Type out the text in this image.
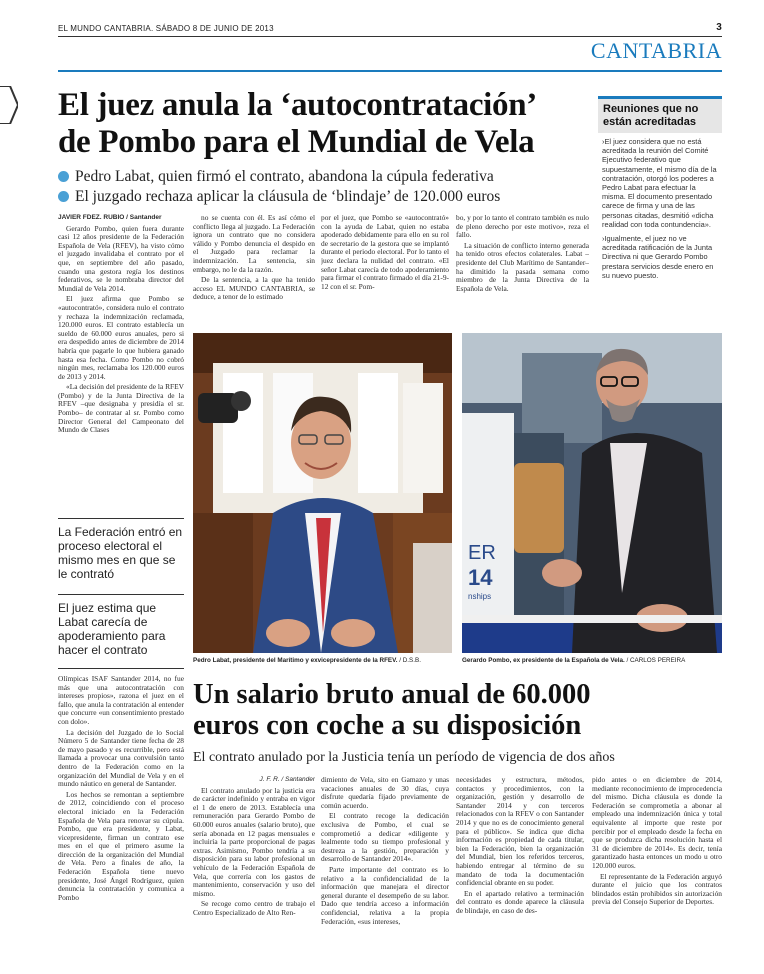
EL MUNDO CANTABRIA. SÁBADO 8 DE JUNIO DE 2013	3
CANTABRIA
El juez anula la ‘autocontratación’
de Pombo para el Mundial de Vela
Pedro Labat, quien firmó el contrato, abandona la cúpula federativa
El juzgado rechaza aplicar la cláusula de ‘blindaje’ de 120.000 euros

JAVIER FDEZ. RUBIO / Santander

Gerardo Pombo, quien fuera durante casi 12 años presidente de la Federación Española de Vela (RFEV), ha visto cómo el juzgado invalidaba el contrato por el que, en septiembre del año pasado, cuando una gestora regía los destinos federativos, se le nombraba director del Mundial de Vela 2014.

El juez afirma que Pombo se «autocontrató», considera nulo el contrato y rechaza la indemnización reclamada, 120.000 euros. El contrato establecía un sueldo de 60.000 euros anuales, pero si era despedido antes de diciembre de 2014 habría que pagarle lo que hubiera ganado hasta esa fecha. Como Pombo no cobró ningún mes, reclamaba los 120.000 euros de 2013 y 2014.

«La decisión del presidente de la RFEV (Pombo) y de la Junta Directiva de la RFEV –que designaba y presidía el sr. Pombo– de contratar al sr. Pombo como Director General del Campeonato del Mundo de Clases

no se cuenta con él. Es así cómo el conflicto llega al juzgado. La Federación ignora un contrato que no considera válido y Pombo denuncia el despido en el Juzgado para reclamar la indemnización. La sentencia, sin embargo, no le da la razón.

De la sentencia, a la que ha tenido acceso EL MUNDO CANTABRIA, se deduce, a tenor de lo estimado

por el juez, que Pombo se «autocontrató» con la ayuda de Labat, quien no estaba apoderado debidamente para ello en su rol de secretario de la gestora que se implantó durante el periodo electoral. Por lo tanto el juez declara la nulidad del contrato. «El señor Labat carecía de todo apoderamiento para firmar el contrato firmado el día 21-9-12 con el sr. Pom-

bo, y por lo tanto el contrato también es nulo de pleno derecho por este motivo», reza el fallo.

La situación de conflicto interno generada ha tenido otros efectos colaterales. Labat –presidente del Club Marítimo de Santander– ha dimitido la pasada semana como miembro de la Junta Directiva de la Española de Vela.

Reuniones que no están acreditadas

›El juez considera que no está acreditada la reunión del Comité Ejecutivo federativo que supuestamente, el mismo día de la contratación, otorgó los poderes a Pedro Labat para efectuar la misma. El documento presentado carece de firma y una de las personas citadas, desmitió «dicha realidad con toda contundencia».

›Igualmente, el juez no ve acreditada ratificación de la Junta Directiva ni que Gerardo Pombo prestara servicios desde enero en su nuevo puesto.

La Federación entró en proceso electoral el mismo mes en que se le contrató
El juez estima que Labat carecía de apoderamiento para hacer el contrato

Olímpicas ISAF Santander 2014, no fue más que una autocontratación con intereses propios», razona el juez en el fallo, que anula la contratación al entender que concurre «un consentimiento prestado con dolo».

La decisión del Juzgado de lo Social Número 5 de Santander tiene fecha de 28 de mayo pasado y es recurrible, pero está llamada a provocar una convulsión tanto dentro de la Federación como en la organización del Mundial de Vela y en el mundo náutico en general de Santander.

Los hechos se remontan a septiembre de 2012, coincidiendo con el proceso electoral iniciado en la Federación Española de Vela para renovar su cúpula. Pombo, que era presidente, y Labat, vicepresidente, firman un contrato ese mes en el que el primero asume la dirección de la organización del Mundial de Vela. Pero a finales de año, la Federación Española tiene nuevo presidente, José Ángel Rodríguez, quien denuncia la contratación y comunica a Pombo

Pedro Labat, presidente del Marítimo y exvicepresidente de la RFEV. / D.S.B.
ER
14
nships
Gerardo Pombo, ex presidente de la Española de Vela. / CARLOS PEREIRA
Un salario bruto anual de 60.000
euros con coche a su disposición
El contrato anulado por la Justicia tenía un período de vigencia de dos años

J. F. R. / Santander

El contrato anulado por la justicia era de carácter indefinido y entraba en vigor el 1 de enero de 2013. Establecía una remuneración para Gerardo Pombo de 60.000 euros anuales (salario bruto), que sería abonada en 12 pagas mensuales e incluiría la parte proporcional de pagas extras. Asimismo, Pombo tendría a su disposición para su labor profesional un vehículo de la Federación Española de Vela, que correría con los gastos de mantenimiento, conservación y uso del mismo.

Se recoge como centro de trabajo el Centro Especializado de Alto Ren-

dimiento de Vela, sito en Gamazo y unas vacaciones anuales de 30 días, cuya disfrute quedaría fijado previamente de común acuerdo.

El contrato recoge la dedicación exclusiva de Pombo, el cual se comprometió a dedicar «diligente y lealmente todo su tiempo profesional y destreza a la gestión, preparación y desarrollo de Santander 2014».

Parte importante del contrato es lo relativo a la confidencialidad de la información que manejara el director general durante el desempeño de su labor. Dado que tendría acceso a información confidencial, relativa a la propia Federación, «sus intereses,

necesidades y estructura, métodos, contactos y procedimientos, con la organización, gestión y desarrollo de Santander 2014 y con terceros relacionados con la RFEV o con Santander 2014 y que no es de conocimiento general para el público». Se indica que dicha información es propiedad de cada titular, bien la Federación, bien la organización del Mundial, bien los referidos terceros, habiendo entregar al término de su mandato de toda la documentación confidencial obrante en su poder.

En el apartado relativo a terminación del contrato es donde aparece la cláusula de blindaje, en caso de des-

pido antes o en diciembre de 2014, mediante reconocimiento de improcedencia del mismo. Dicha cláusula es donde la Federación se comprometía a abonar al empleado una indemnización única y total equivalente al importe que reste por percibir por el empleado desde la fecha en que se produzca dicha resolución hasta el 31 de diciembre de 2014». Es decir, tenía garantizado hasta entonces un modo u otro 120.000 euros.

El representante de la Federación arguyó durante el juicio que los contratos blindados están prohibidos sin autorización previa del Consejo Superior de Deportes.
